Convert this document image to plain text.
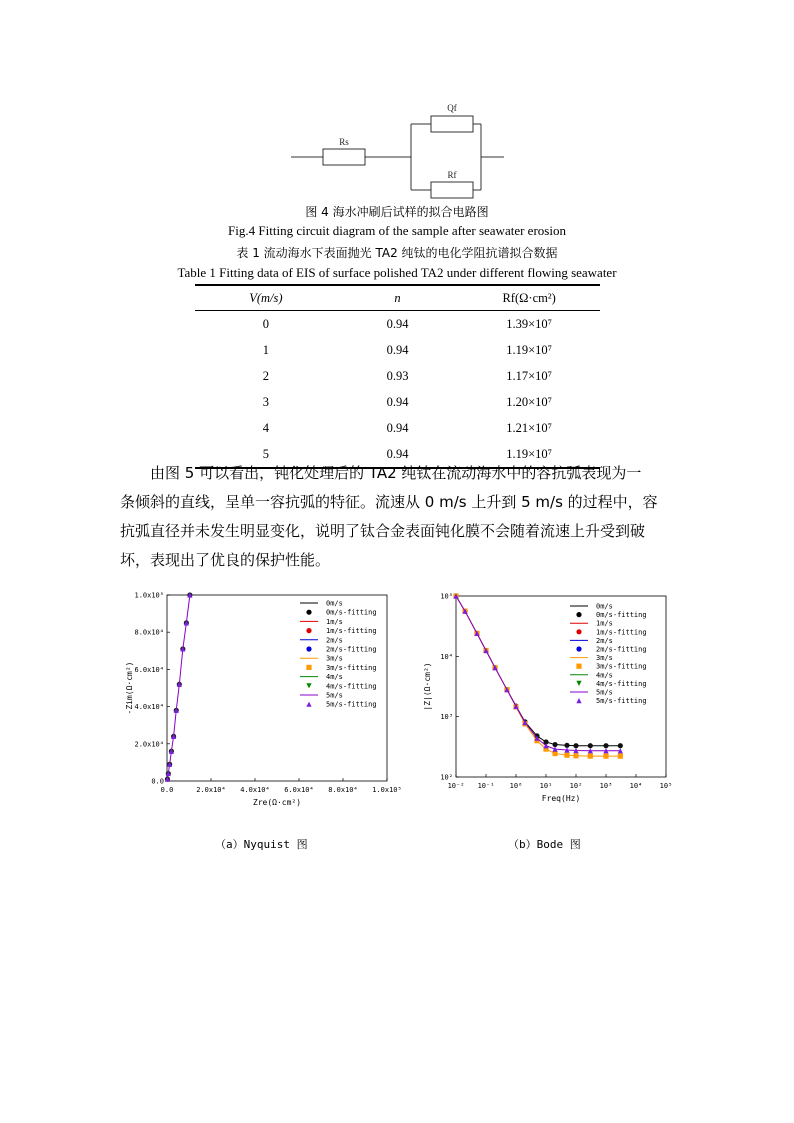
Rs
Qf
Rf
图 4 海水冲刷后试样的拟合电路图
Fig.4 Fitting circuit diagram of the sample after seawater erosion
表 1 流动海水下表面抛光 TA2 纯钛的电化学阻抗谱拟合数据
Table 1 Fitting data of EIS of surface polished TA2 under different flowing seawater
V(m/s)	n	Rf(Ω·cm²)
0	0.94	1.39×10⁷
1	0.94	1.19×10⁷
2	0.93	1.17×10⁷
3	0.94	1.20×10⁷
4	0.94	1.21×10⁷
5	0.94	1.19×10⁷
由图 5 可以看出，钝化处理后的 TA2 纯钛在流动海水中的容抗弧表现为一
条倾斜的直线，呈单一容抗弧的特征。流速从 0 m/s 上升到 5 m/s 的过程中，容
抗弧直径并未发生明显变化，说明了钛合金表面钝化膜不会随着流速上升受到破
坏，表现出了优良的保护性能。
0.0	2.0x10⁴ 4.0x10⁴ 6.0x10⁴ 8.0x10⁴ 1.0x10⁵
0.0
2.0x10⁴
4.0x10⁴
6.0x10⁴
8.0x10⁴
1.0x10⁵
Zre(Ω·cm²)
-Zim(Ω·cm²)
0m/s
0m/s-fitting
1m/s
1m/s-fitting
2m/s
2m/s-fitting
3m/s
3m/s-fitting
4m/s
4m/s-fitting
5m/s
5m/s-fitting
10⁻² 10⁻¹ 10⁰ 10¹ 10² 10³ 10⁴ 10⁵
10²
10³
10⁴
10⁵
Freq(Hz)
|Z|(Ω·cm²)
0m/s
0m/s-fitting
1m/s
1m/s-fitting
2m/s
2m/s-fitting
3m/s
3m/s-fitting
4m/s
4m/s-fitting
5m/s
5m/s-fitting
（a）Nyquist 图	（b）Bode 图
